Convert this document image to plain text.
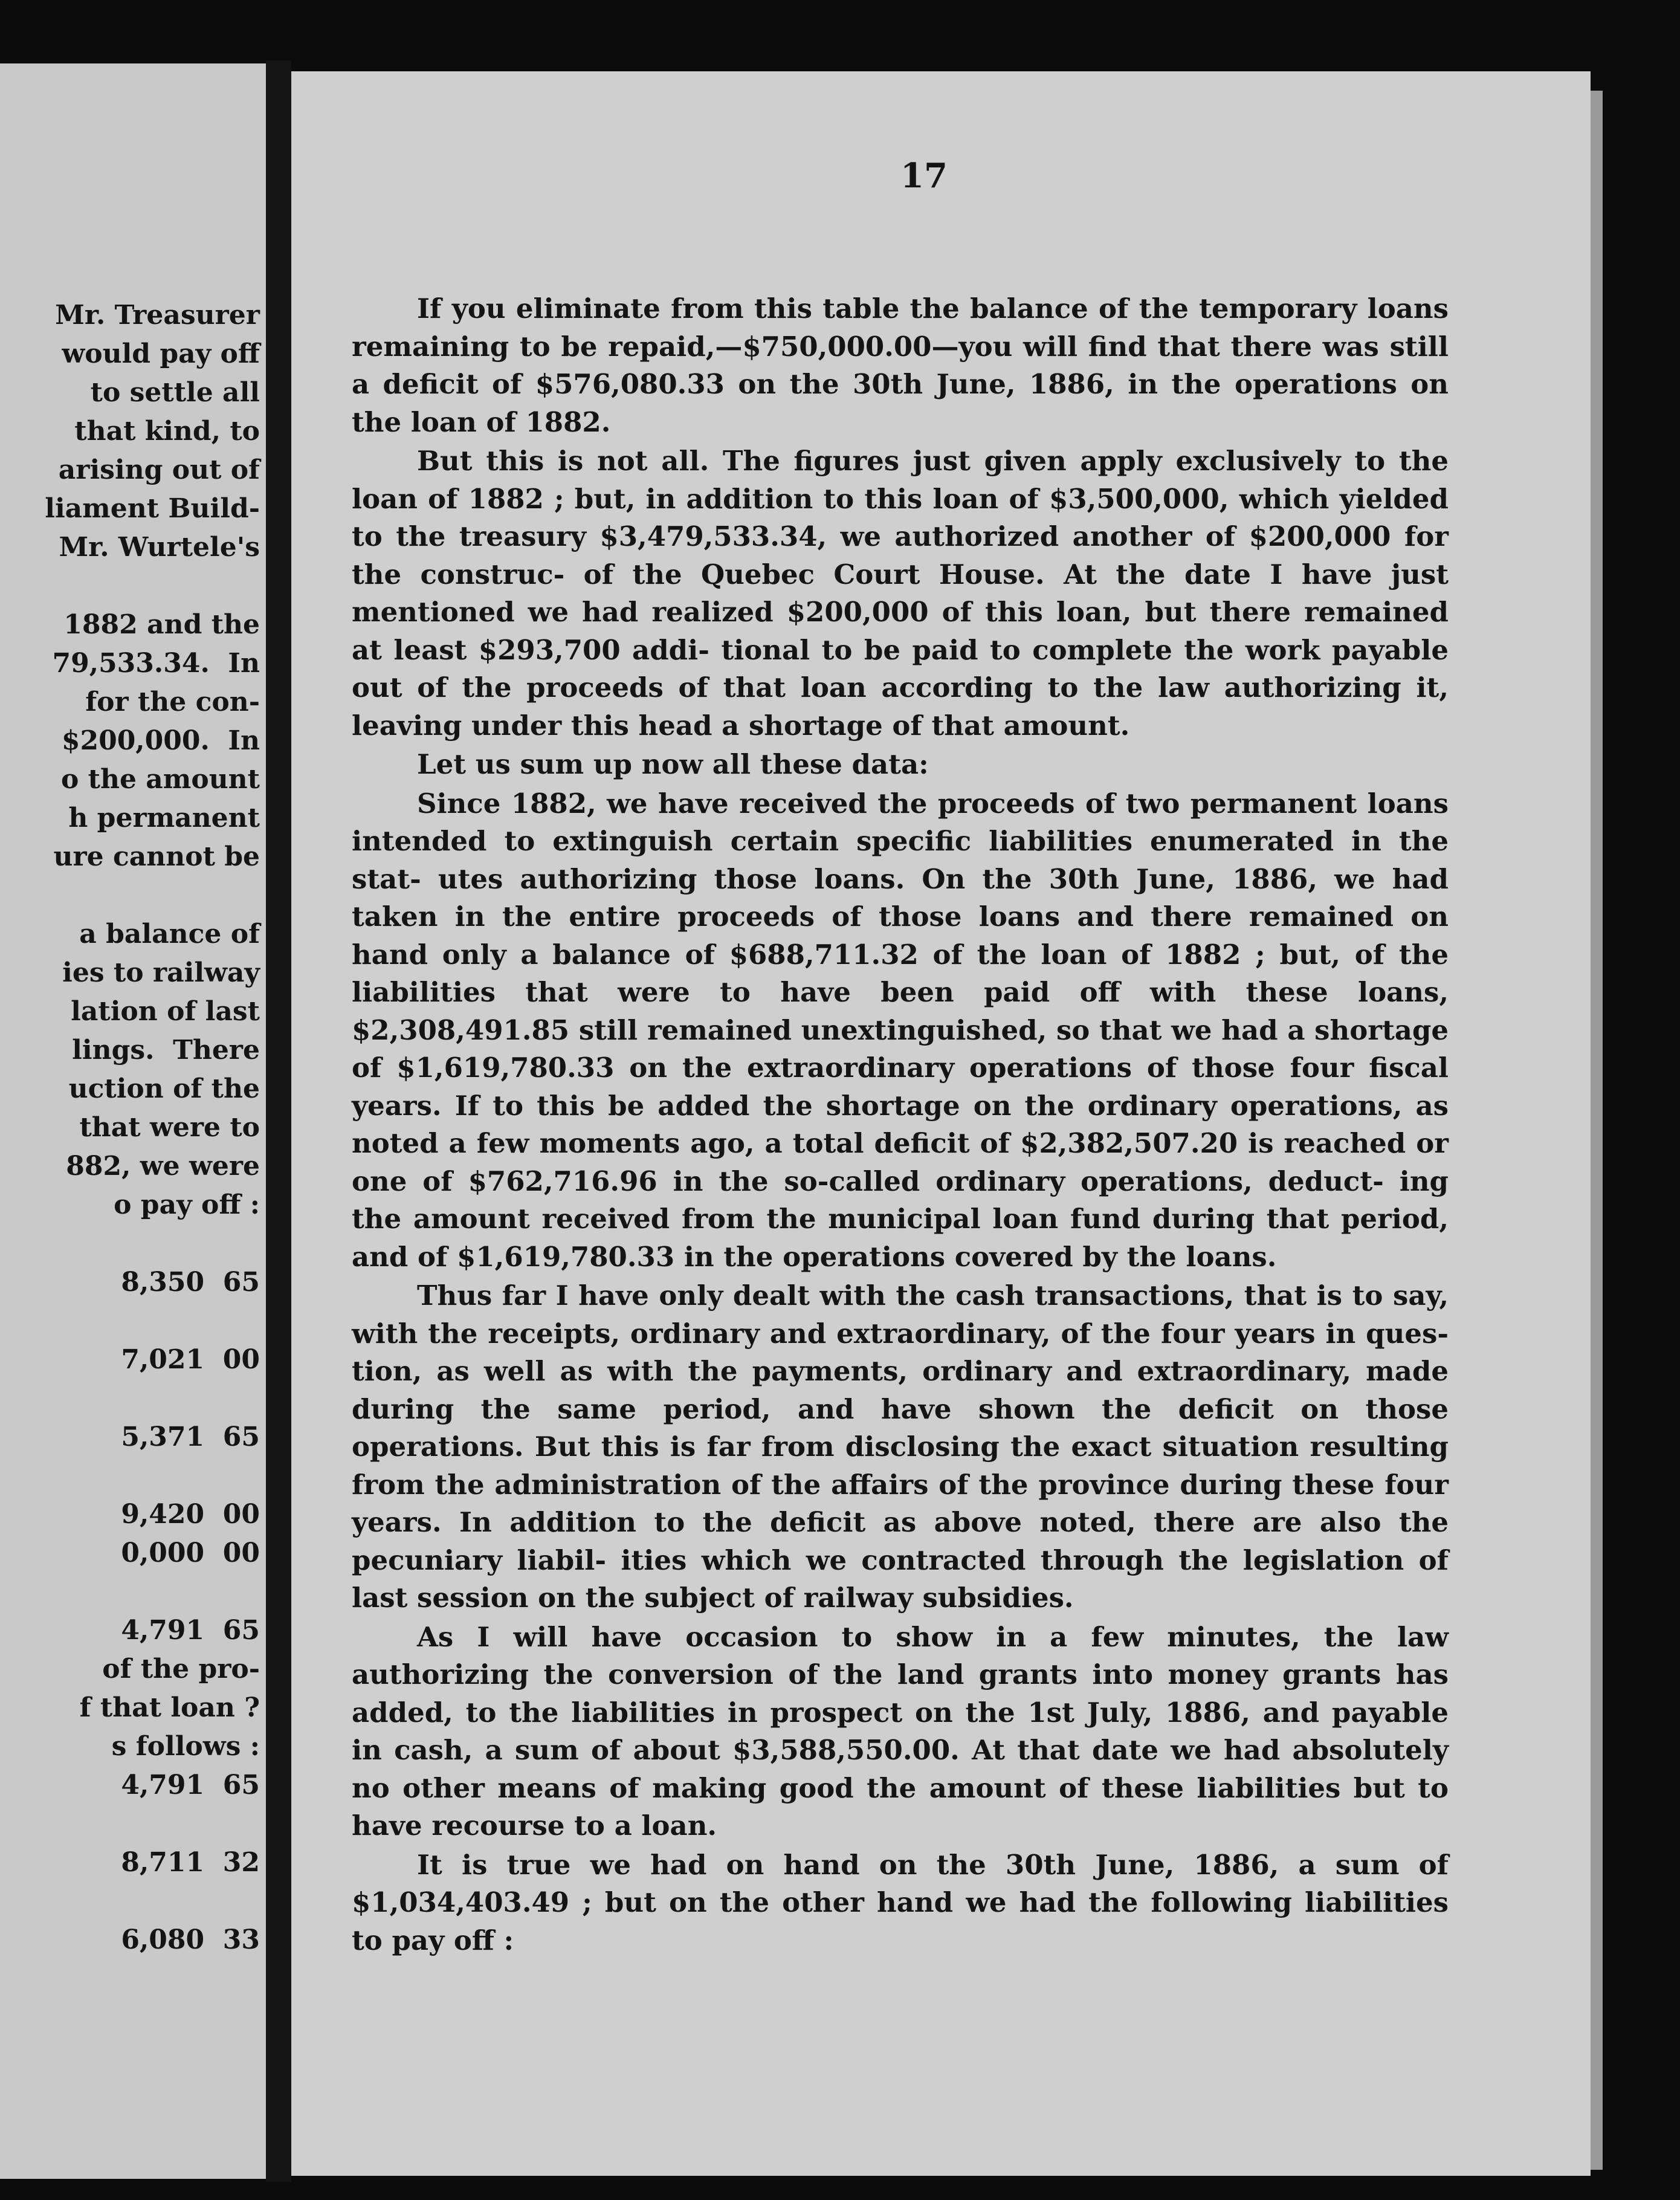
Mr. Treasurer
would pay off
to settle all
that kind, to
arising out of
liament Build-
Mr. Wurtele's
1882 and the
79,533.34.  In
for the con-
$200,000.  In
o the amount
h permanent
ure cannot be
a balance of
ies to railway
lation of last
lings.  There
uction of the
that were to
882, we were
o pay off :
8,350  65
7,021  00
5,371  65
9,420  00
0,000  00
4,791  65
of the pro-
f that loan ?
s follows :
4,791  65
8,711  32
6,080  33
17

If you eliminate from this table the balance of the temporary loans remaining to be repaid,—$750,000.00—you will find that there was still a deficit of $576,080.33 on the 30th June, 1886, in the operations on the loan of 1882.

But this is not all. The figures just given apply exclusively to the loan of 1882 ; but, in addition to this loan of $3,500,000, which yielded to the treasury $3,479,533.34, we authorized another of $200,000 for the construc- of the Quebec Court House. At the date I have just mentioned we had realized $200,000 of this loan, but there remained at least $293,700 addi- tional to be paid to complete the work payable out of the proceeds of that loan according to the law authorizing it, leaving under this head a shortage of that amount.

Let us sum up now all these data:

Since 1882, we have received the proceeds of two permanent loans intended to extinguish certain specific liabilities enumerated in the stat- utes authorizing those loans. On the 30th June, 1886, we had taken in the entire proceeds of those loans and there remained on hand only a balance of $688,711.32 of the loan of 1882 ; but, of the liabilities that were to have been paid off with these loans, $2,308,491.85 still remained unextinguished, so that we had a shortage of $1,619,780.33 on the extraordinary operations of those four fiscal years. If to this be added the shortage on the ordinary operations, as noted a few moments ago, a total deficit of $2,382,507.20 is reached or one of $762,716.96 in the so-called ordinary operations, deduct- ing the amount received from the municipal loan fund during that period, and of $1,619,780.33 in the operations covered by the loans.

Thus far I have only dealt with the cash transactions, that is to say, with the receipts, ordinary and extraordinary, of the four years in ques- tion, as well as with the payments, ordinary and extraordinary, made during the same period, and have shown the deficit on those operations. But this is far from disclosing the exact situation resulting from the administration of the affairs of the province during these four years. In addition to the deficit as above noted, there are also the pecuniary liabil- ities which we contracted through the legislation of last session on the subject of railway subsidies.

As I will have occasion to show in a few minutes, the law authorizing the conversion of the land grants into money grants has added, to the liabilities in prospect on the 1st July, 1886, and payable in cash, a sum of about $3,588,550.00. At that date we had absolutely no other means of making good the amount of these liabilities but to have recourse to a loan.

It is true we had on hand on the 30th June, 1886, a sum of $1,034,403.49 ; but on the other hand we had the following liabilities to pay off :
